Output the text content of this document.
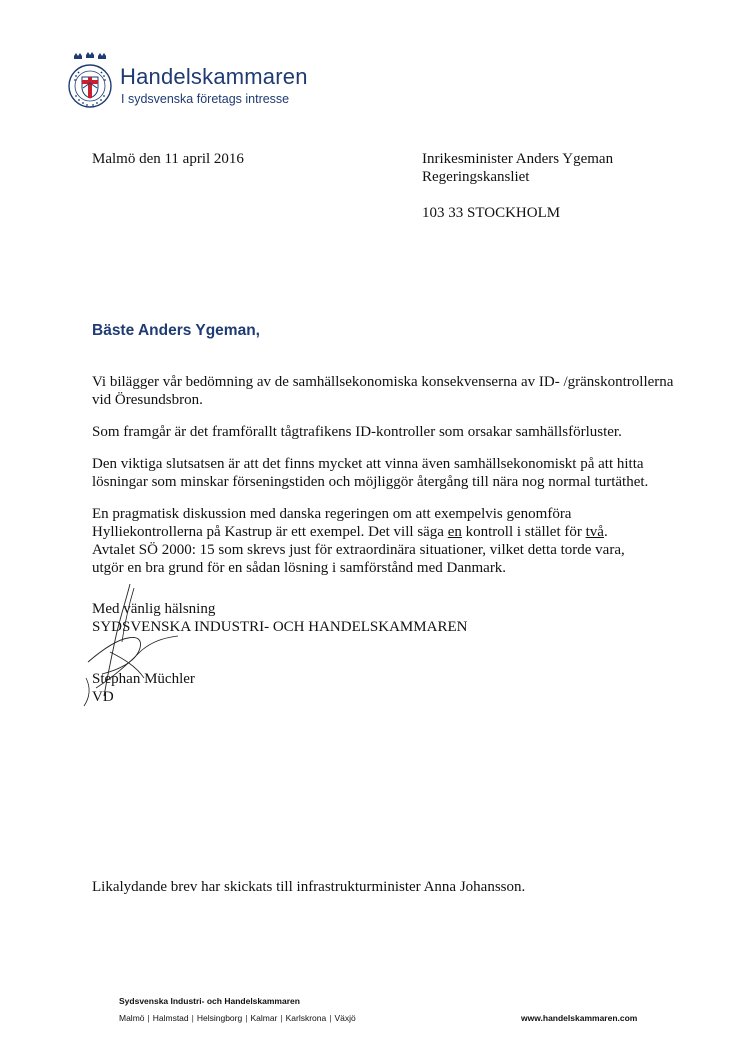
Handelskammaren
I sydsvenska företags intresse
Malmö den 11 april 2016	Inrikesminister Anders Ygeman
Regeringskansliet
103 33 STOCKHOLM
Bäste Anders Ygeman,
Vi bilägger vår bedömning av de samhällsekonomiska konsekvenserna av ID- /gränskontrollerna
vid Öresundsbron.
Som framgår är det framförallt tågtrafikens ID-kontroller som orsakar samhällsförluster.
Den viktiga slutsatsen är att det finns mycket att vinna även samhällsekonomiskt på att hitta
lösningar som minskar förseningstiden och möjliggör återgång till nära nog normal turtäthet.
En pragmatisk diskussion med danska regeringen om att exempelvis genomföra
Hylliekontrollerna på Kastrup är ett exempel. Det vill säga en kontroll i stället för två.
Avtalet SÖ 2000: 15 som skrevs just för extraordinära situationer, vilket detta torde vara,
utgör en bra grund för en sådan lösning i samförstånd med Danmark.
Med vänlig hälsning
SYDSVENSKA INDUSTRI- OCH HANDELSKAMMAREN
Stephan Müchler
VD
Likalydande brev har skickats till infrastrukturminister Anna Johansson.
Sydsvenska Industri- och Handelskammaren
Malmö | Halmstad | Helsingborg | Kalmar | Karlskrona | Växjö	www.handelskammaren.com
